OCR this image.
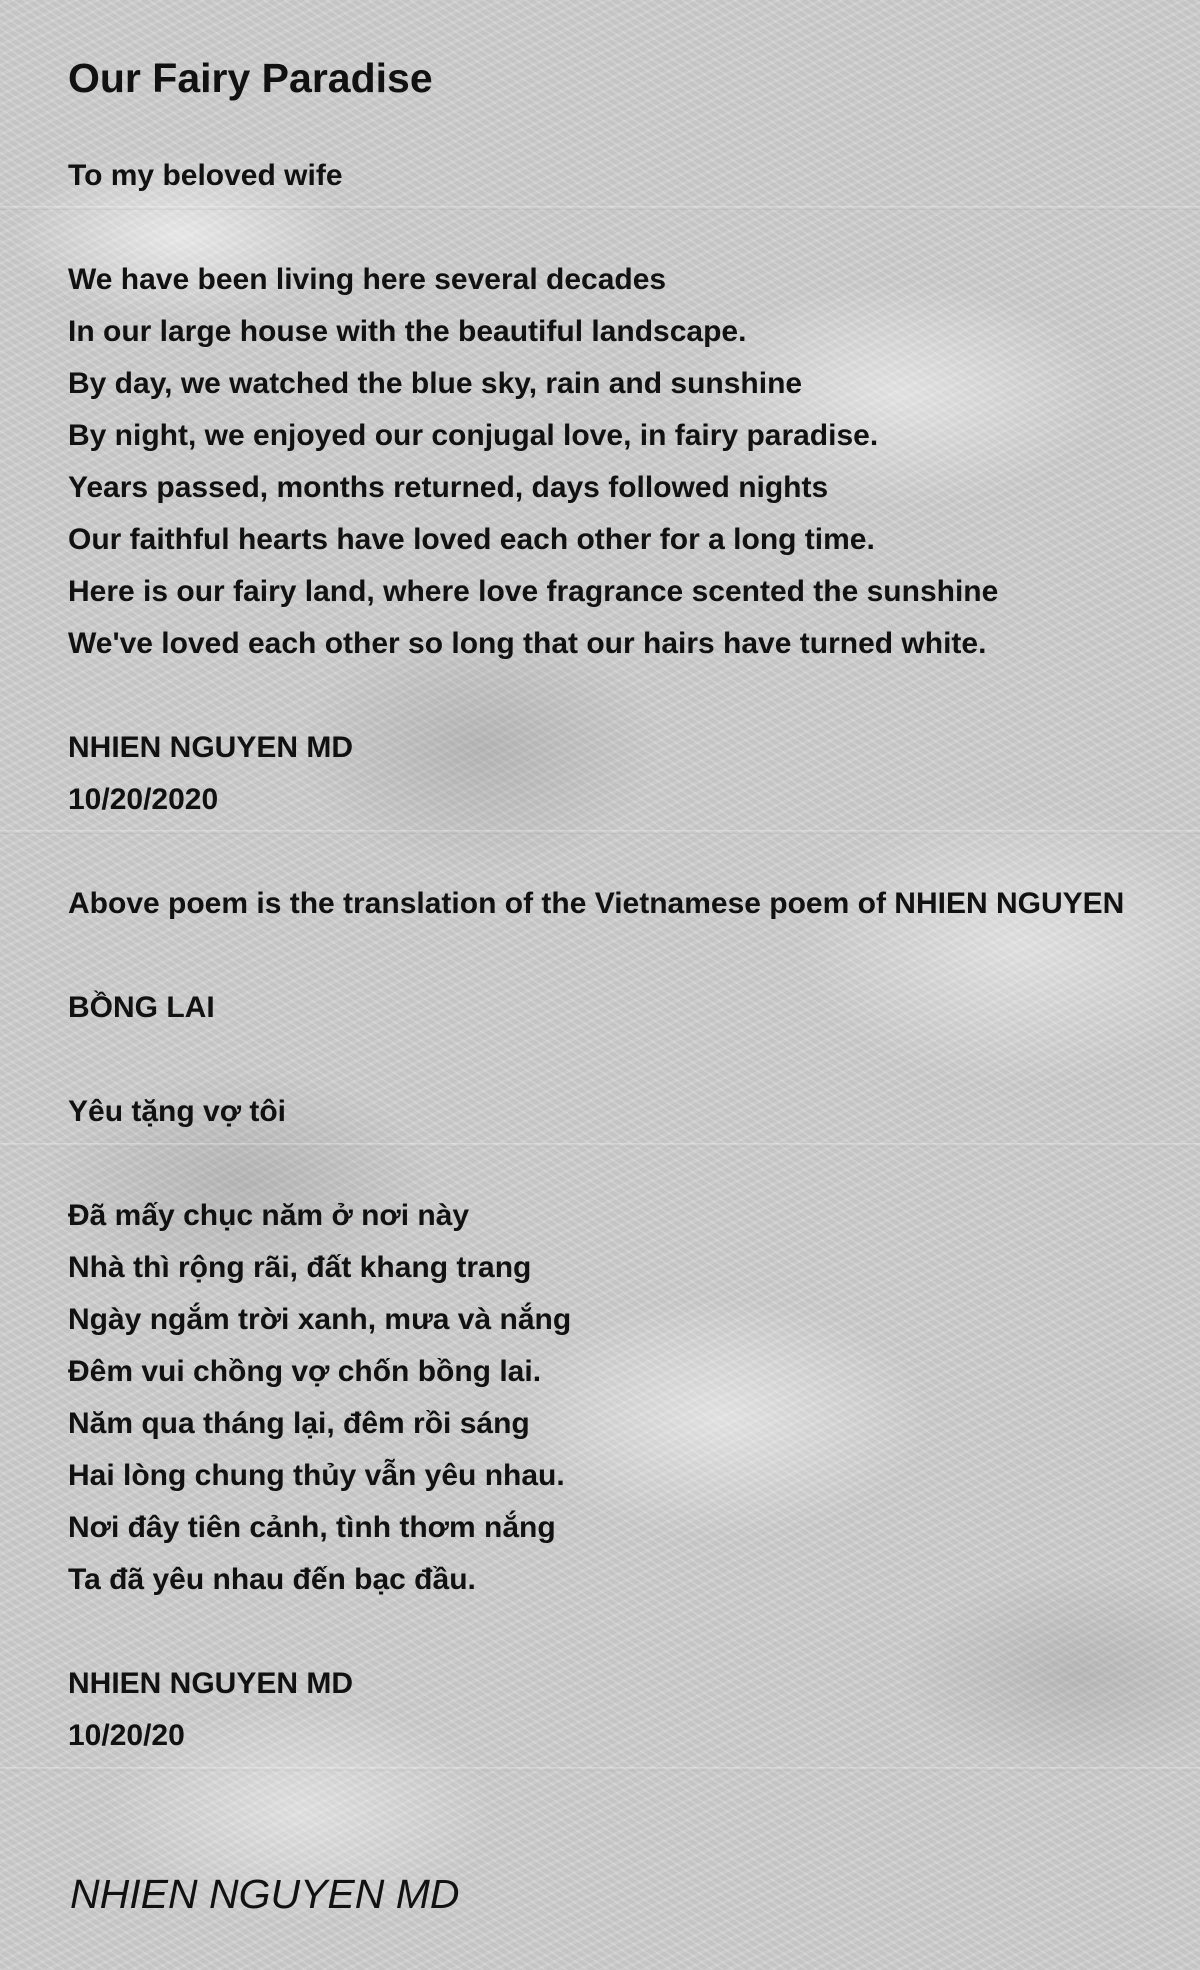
Our Fairy Paradise
To my beloved wife
We have been living here several decades
In our large house with the beautiful landscape.
By day, we watched the blue sky, rain and sunshine
By night, we enjoyed our conjugal love, in fairy paradise.
Years passed, months returned, days followed nights
Our faithful hearts have loved each other for a long time.
Here is our fairy land, where love fragrance scented the sunshine
We've loved each other so long that our hairs have turned white.
NHIEN NGUYEN MD
10/20/2020
Above poem is the translation of the Vietnamese poem of NHIEN NGUYEN
BỒNG LAI
Yêu tặng vợ tôi
Đã mấy chục năm ở nơi này
Nhà thì rộng rãi, đất khang trang
Ngày ngắm trời xanh, mưa và nắng
Đêm vui chồng vợ chốn bồng lai.
Năm qua tháng lại, đêm rồi sáng
Hai lòng chung thủy vẫn yêu nhau.
Nơi đây tiên cảnh, tình thơm nắng
Ta đã yêu nhau đến bạc đầu.
NHIEN NGUYEN MD
10/20/20
NHIEN NGUYEN MD
